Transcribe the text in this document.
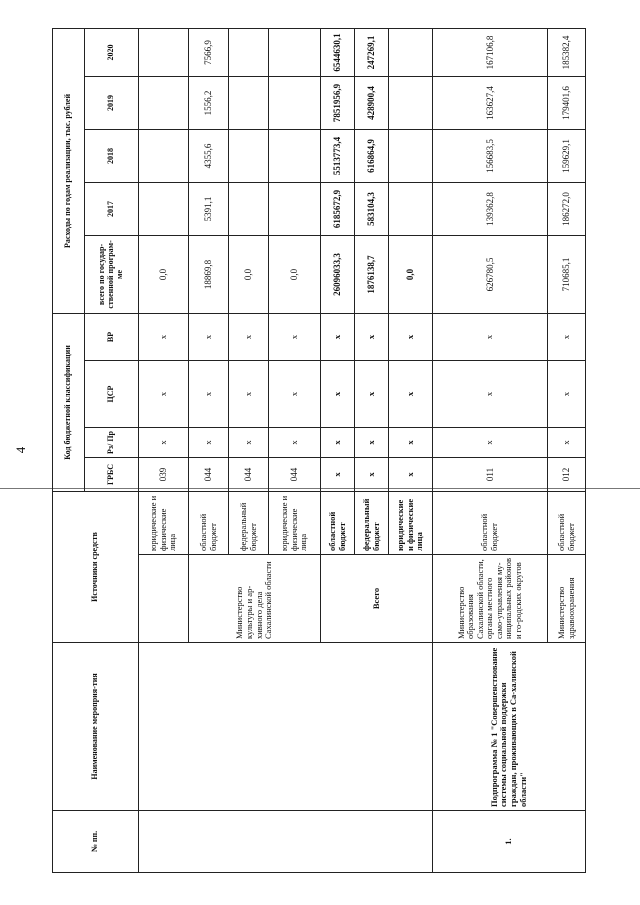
4
№ пп.	Наименование мероприя-тия	Источники средств		Код бюджетной классификации				Расходы по годам реализации, тыс. рублей				
				ГРБС	Рз/ Пр	ЦСР	ВР	всего по государ-ственной програм-ме	2017	2018	2019	2020
			юридические и физические лица	039	х	х	х	0,0				
		Министерство культуры и ар-хивного дела Сахалинской области	областной бюджет	044	х	х	х	18869,8	5391,1	4355,6	1556,2	7566,9
			федеральный бюджет	044	х	х	х	0,0				
			юридические и физические лица	044	х	х	х	0,0				
		Всего	областной бюджет	х	х	х	х	26096033,3	6185672,9	5513773,4	7851956,9	6544630,1
			федеральный бюджет	х	х	х	х	1876138,7	583104,3	616864,9	428900,4	247269,1
			юридические и физические лица	х	х	х	х	0,0				
1.	Подпрограмма № 1 "Совершенствование системы социальной поддержки граждан, проживающих в Са-халинской области"	Министерство образования Сахалинской области, органы местного само-управления му-ниципальных районов и го-родских округов	областной бюджет	011	х	х	х	626780,5	139362,8	156683,5	163627,4	167106,8
		Министерство здравоохранения	областной бюджет	012	х	х	х	710685,1	186272,0	159629,1	179401,6	185382,4
